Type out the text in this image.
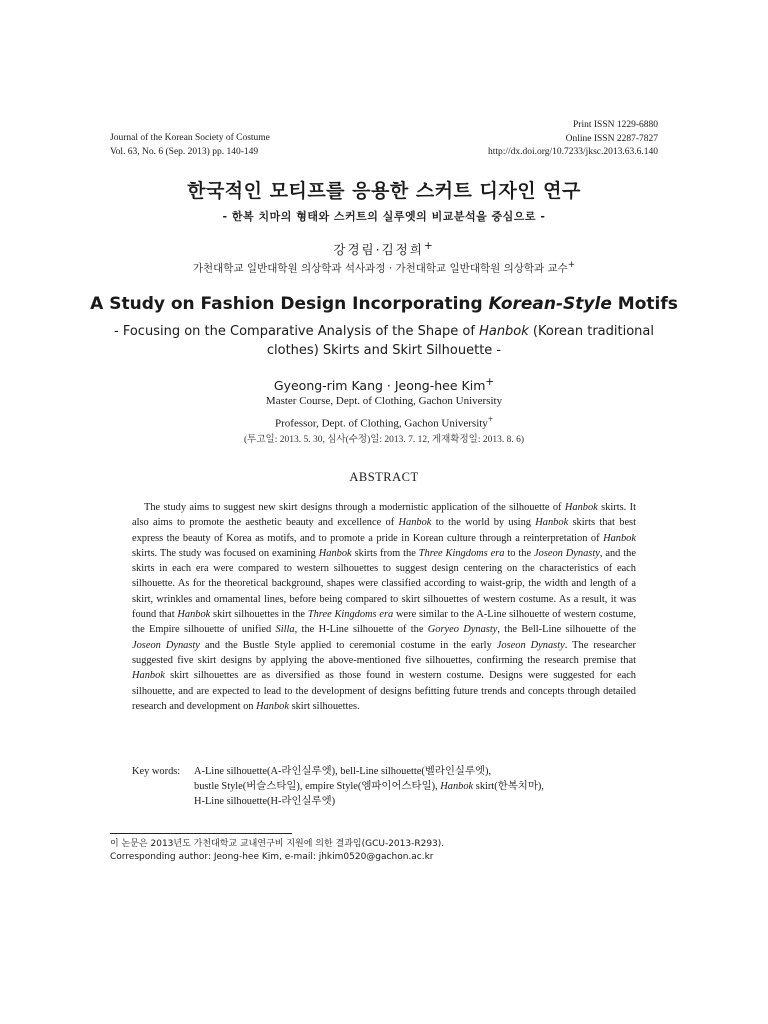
Journal of the Korean Society of Costume
Vol. 63, No. 6 (Sep. 2013) pp. 140-149
Print ISSN 1229-6880
Online ISSN 2287-7827
http://dx.doi.org/10.7233/jksc.2013.63.6.140
한국적인 모티프를 응용한 스커트 디자인 연구
- 한복 치마의 형태와 스커트의 실루엣의 비교분석을 중심으로 -
강경림·김정희+
가천대학교 일반대학원 의상학과 석사과정 · 가천대학교 일반대학원 의상학과 교수+
A Study on Fashion Design Incorporating Korean-Style Motifs
- Focusing on the Comparative Analysis of the Shape of Hanbok (Korean traditional clothes) Skirts and Skirt Silhouette -
Gyeong-rim Kang · Jeong-hee Kim+
Master Course, Dept. of Clothing, Gachon University
Professor, Dept. of Clothing, Gachon University+
(투고일: 2013. 5. 30, 심사(수정)일: 2013. 7. 12, 게재확정일: 2013. 8. 6)
ABSTRACT
The study aims to suggest new skirt designs through a modernistic application of the silhouette of Hanbok skirts. It also aims to promote the aesthetic beauty and excellence of Hanbok to the world by using Hanbok skirts that best express the beauty of Korea as motifs, and to promote a pride in Korean culture through a reinterpretation of Hanbok skirts. The study was focused on examining Hanbok skirts from the Three Kingdoms era to the Joseon Dynasty, and the skirts in each era were compared to western silhouettes to suggest design centering on the characteristics of each silhouette. As for the theoretical background, shapes were classified according to waist-grip, the width and length of a skirt, wrinkles and ornamental lines, before being compared to skirt silhouettes of western costume. As a result, it was found that Hanbok skirt silhouettes in the Three Kingdoms era were similar to the A-Line silhouette of western costume, the Empire silhouette of unified Silla, the H-Line silhouette of the Goryeo Dynasty, the Bell-Line silhouette of the Joseon Dynasty and the Bustle Style applied to ceremonial costume in the early Joseon Dynasty. The researcher suggested five skirt designs by applying the above-mentioned five silhouettes, confirming the research premise that Hanbok skirt silhouettes are as diversified as those found in western costume. Designs were suggested for each silhouette, and are expected to lead to the development of designs befitting future trends and concepts through detailed research and development on Hanbok skirt silhouettes.
Key words: A-Line silhouette(A-라인실루엣), bell-Line silhouette(벨라인실루엣),
bustle Style(버슬스타일), empire Style(엠파이어스타일), Hanbok skirt(한복치마),
H-Line silhouette(H-라인실루엣)
이 논문은 2013년도 가천대학교 교내연구비 지원에 의한 결과임(GCU-2013-R293).
Corresponding author: Jeong-hee Kim, e-mail: jhkim0520@gachon.ac.kr
